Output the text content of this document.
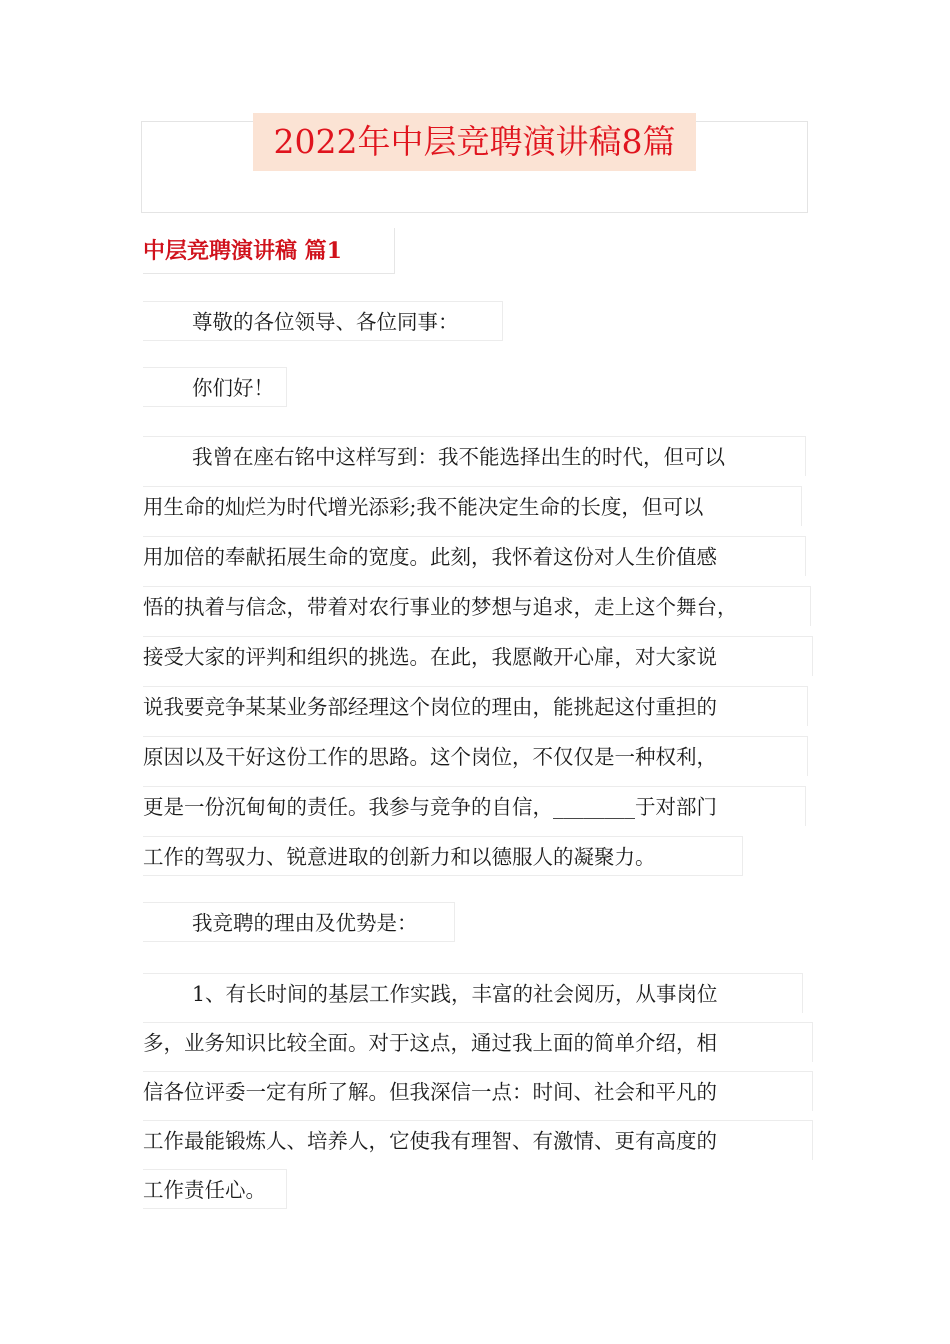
2022年中层竞聘演讲稿8篇
中层竞聘演讲稿 篇1
尊敬的各位领导、各位同事：
你们好！
我曾在座右铭中这样写到：我不能选择出生的时代，但可以
用生命的灿烂为时代增光添彩;我不能决定生命的长度，但可以
用加倍的奉献拓展生命的宽度。此刻，我怀着这份对人生价值感
悟的执着与信念，带着对农行事业的梦想与追求，走上这个舞台，
接受大家的评判和组织的挑选。在此，我愿敞开心扉，对大家说
说我要竞争某某业务部经理这个岗位的理由，能挑起这付重担的
原因以及干好这份工作的思路。这个岗位，不仅仅是一种权利，
更是一份沉甸甸的责任。我参与竞争的自信，________于对部门
工作的驾驭力、锐意进取的创新力和以德服人的凝聚力。
我竞聘的理由及优势是：
1、有长时间的基层工作实践，丰富的社会阅历，从事岗位
多，业务知识比较全面。对于这点，通过我上面的简单介绍，相
信各位评委一定有所了解。但我深信一点：时间、社会和平凡的
工作最能锻炼人、培养人，它使我有理智、有激情、更有高度的
工作责任心。
